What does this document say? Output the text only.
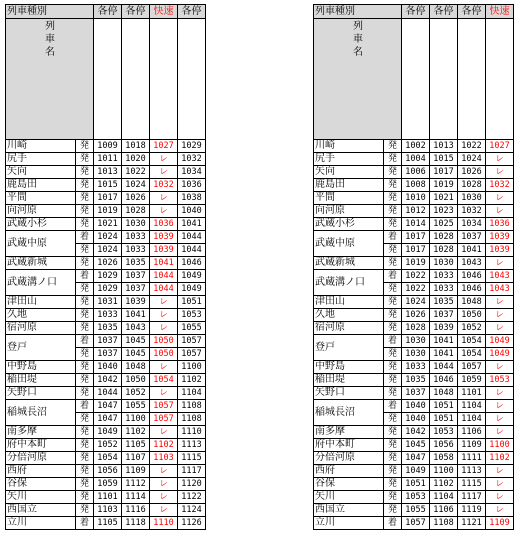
列車種別		各停	各停	快速	各停

列
車
名					

川崎	発	1009	1018	1027	1029
尻手	発	1011	1020	レ	1032
矢向	発	1013	1022	レ	1034
鹿島田	発	1015	1024	1032	1036
平間	発	1017	1026	レ	1038
向河原	発	1019	1028	レ	1040
武蔵小杉	発	1021	1030	1036	1041
武蔵中原	着	1024	1033	1039	1044
	発	1024	1033	1039	1044
武蔵新城	発	1026	1035	1041	1046
武蔵溝ノ口	着	1029	1037	1044	1049
	発	1029	1037	1044	1049
津田山	発	1031	1039	レ	1051
久地	発	1033	1041	レ	1053
宿河原	発	1035	1043	レ	1055
登戸	着	1037	1045	1050	1057
	発	1037	1045	1050	1057
中野島	発	1040	1048	レ	1100
稲田堤	発	1042	1050	1054	1102
矢野口	発	1044	1052	レ	1104
稲城長沼	着	1047	1055	1057	1108
	発	1047	1100	1057	1108
南多摩	発	1049	1102	レ	1110
府中本町	発	1052	1105	1102	1113
分倍河原	発	1054	1107	1103	1115
西府	発	1056	1109	レ	1117
谷保	発	1059	1112	レ	1120
矢川	発	1101	1114	レ	1122
西国立	発	1103	1116	レ	1124
立川	着	1105	1118	1110	1126
列車種別		各停	各停	各停	快速

列
車
名					

川崎	発	1002	1013	1022	1027
尻手	発	1004	1015	1024	レ
矢向	発	1006	1017	1026	レ
鹿島田	発	1008	1019	1028	1032
平間	発	1010	1021	1030	レ
向河原	発	1012	1023	1032	レ
武蔵小杉	発	1014	1025	1034	1036
武蔵中原	着	1017	1028	1037	1039
	発	1017	1028	1041	1039
武蔵新城	発	1019	1030	1043	レ
武蔵溝ノ口	着	1022	1033	1046	1043
	発	1022	1033	1046	1043
津田山	発	1024	1035	1048	レ
久地	発	1026	1037	1050	レ
宿河原	発	1028	1039	1052	レ
登戸	着	1030	1041	1054	1049
	発	1030	1041	1054	1049
中野島	発	1033	1044	1057	レ
稲田堤	発	1035	1046	1059	1053
矢野口	発	1037	1048	1101	レ
稲城長沼	着	1040	1051	1104	レ
	発	1040	1051	1104	レ
南多摩	発	1042	1053	1106	レ
府中本町	発	1045	1056	1109	1100
分倍河原	発	1047	1058	1111	1102
西府	発	1049	1100	1113	レ
谷保	発	1051	1102	1115	レ
矢川	発	1053	1104	1117	レ
西国立	発	1055	1106	1119	レ
立川	着	1057	1108	1121	1109
